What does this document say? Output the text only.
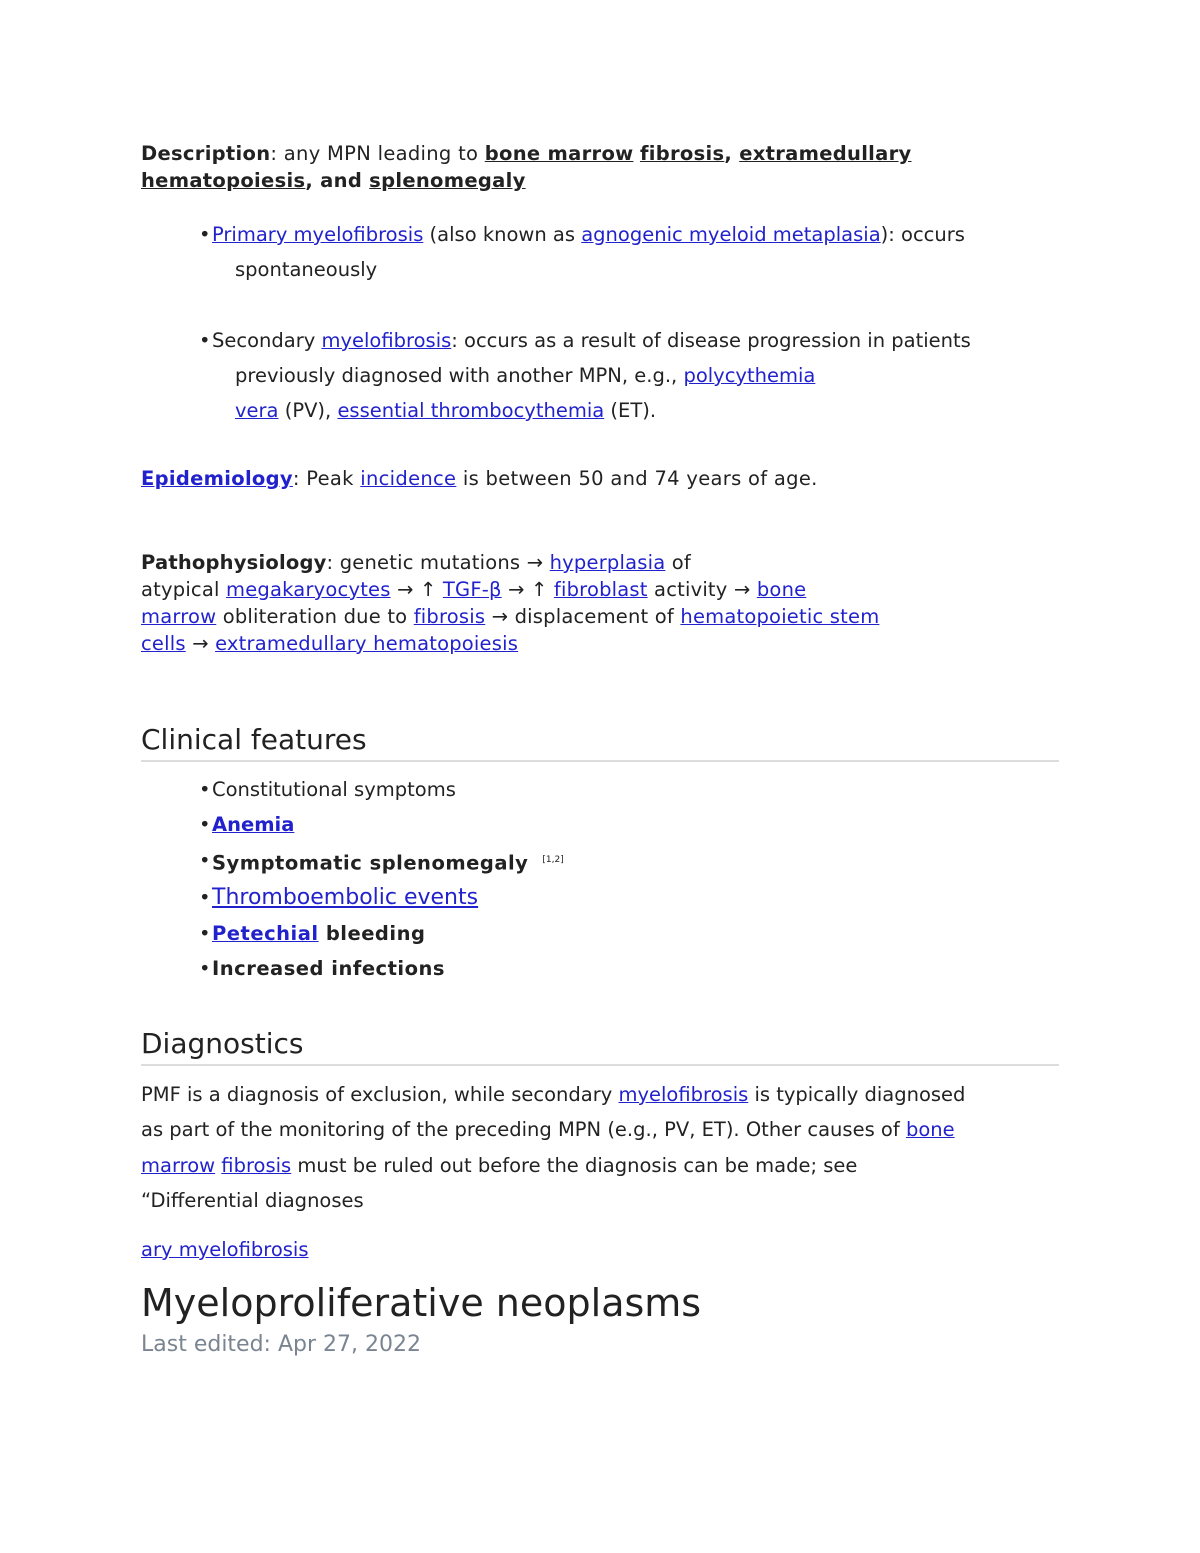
Description: any MPN leading to bone marrow fibrosis, extramedullary
hematopoiesis, and splenomegaly
• Primary myelofibrosis (also known as agnogenic myeloid metaplasia): occurs
spontaneously
• Secondary myelofibrosis: occurs as a result of disease progression in patients
previously diagnosed with another MPN, e.g., polycythemia
vera (PV), essential thrombocythemia (ET).
Epidemiology: Peak incidence is between 50 and 74 years of age.
Pathophysiology: genetic mutations → hyperplasia of
atypical megakaryocytes → ↑ TGF-β → ↑ fibroblast activity → bone
marrow obliteration due to fibrosis → displacement of hematopoietic stem
cells → extramedullary hematopoiesis
Clinical features
• Constitutional symptoms
• Anemia
• Symptomatic splenomegaly [1,2]
• Thromboembolic events
• Petechial bleeding
• Increased infections
Diagnostics
PMF is a diagnosis of exclusion, while secondary myelofibrosis is typically diagnosed
as part of the monitoring of the preceding MPN (e.g., PV, ET). Other causes of bone
marrow fibrosis must be ruled out before the diagnosis can be made; see
“Differential diagnoses
ary myelofibrosis
Myeloproliferative neoplasms
Last edited: Apr 27, 2022
